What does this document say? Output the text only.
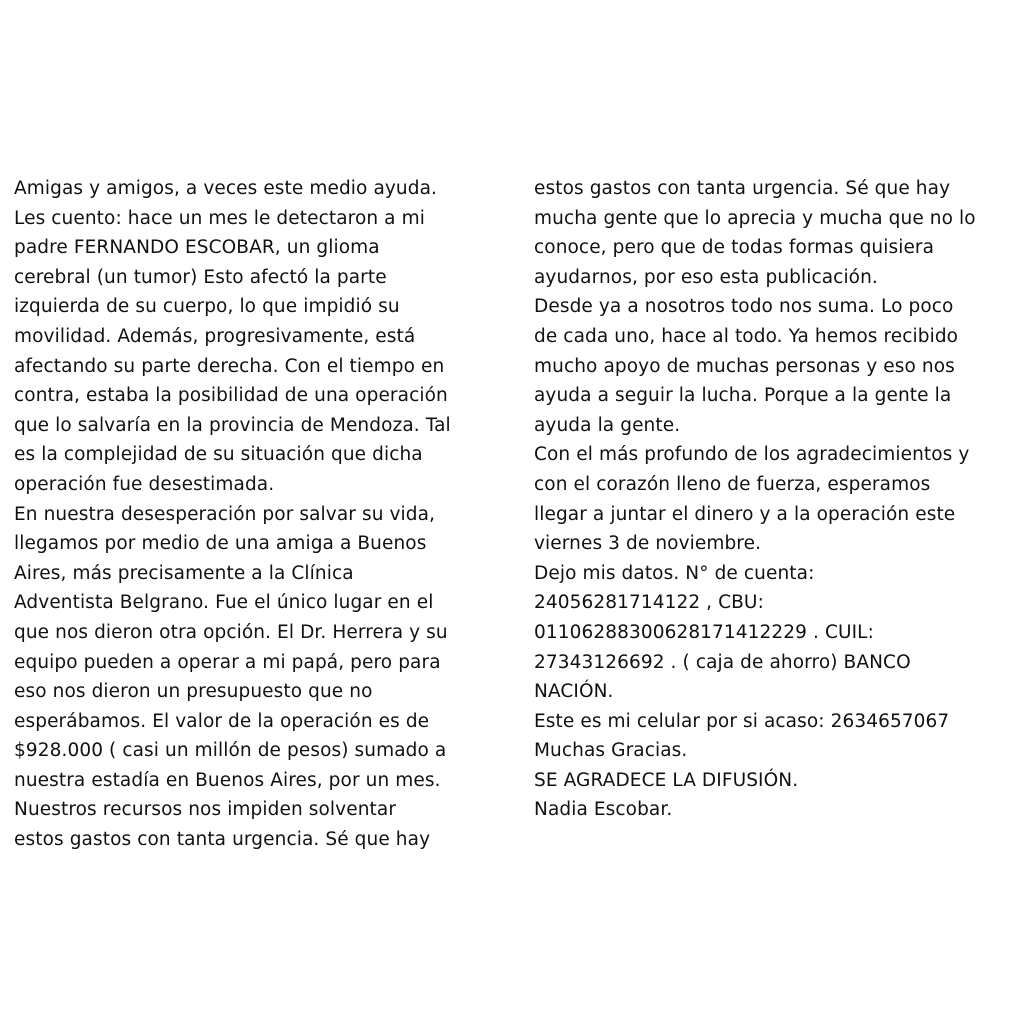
Amigas y amigos, a veces este medio ayuda.
Les cuento: hace un mes le detectaron a mi
padre FERNANDO ESCOBAR, un glioma
cerebral (un tumor) Esto afectó la parte
izquierda de su cuerpo, lo que impidió su
movilidad. Además, progresivamente, está
afectando su parte derecha. Con el tiempo en
contra, estaba la posibilidad de una operación
que lo salvaría en la provincia de Mendoza. Tal
es la complejidad de su situación que dicha
operación fue desestimada.
En nuestra desesperación por salvar su vida,
llegamos por medio de una amiga a Buenos
Aires, más precisamente a la Clínica
Adventista Belgrano. Fue el único lugar en el
que nos dieron otra opción. El Dr. Herrera y su
equipo pueden a operar a mi papá, pero para
eso nos dieron un presupuesto que no
esperábamos. El valor de la operación es de
$928.000 ( casi un millón de pesos) sumado a
nuestra estadía en Buenos Aires, por un mes.
Nuestros recursos nos impiden solventar
estos gastos con tanta urgencia. Sé que hay
estos gastos con tanta urgencia. Sé que hay
mucha gente que lo aprecia y mucha que no lo
conoce, pero que de todas formas quisiera
ayudarnos, por eso esta publicación.
Desde ya a nosotros todo nos suma. Lo poco
de cada uno, hace al todo. Ya hemos recibido
mucho apoyo de muchas personas y eso nos
ayuda a seguir la lucha. Porque a la gente la
ayuda la gente.
Con el más profundo de los agradecimientos y
con el corazón lleno de fuerza, esperamos
llegar a juntar el dinero y a la operación este
viernes 3 de noviembre.
Dejo mis datos. N° de cuenta:
24056281714122 , CBU:
01106288300628171412229 . CUIL:
27343126692 . ( caja de ahorro) BANCO
NACIÓN.
Este es mi celular por si acaso: 2634657067
Muchas Gracias.
SE AGRADECE LA DIFUSIÓN.
Nadia Escobar.
